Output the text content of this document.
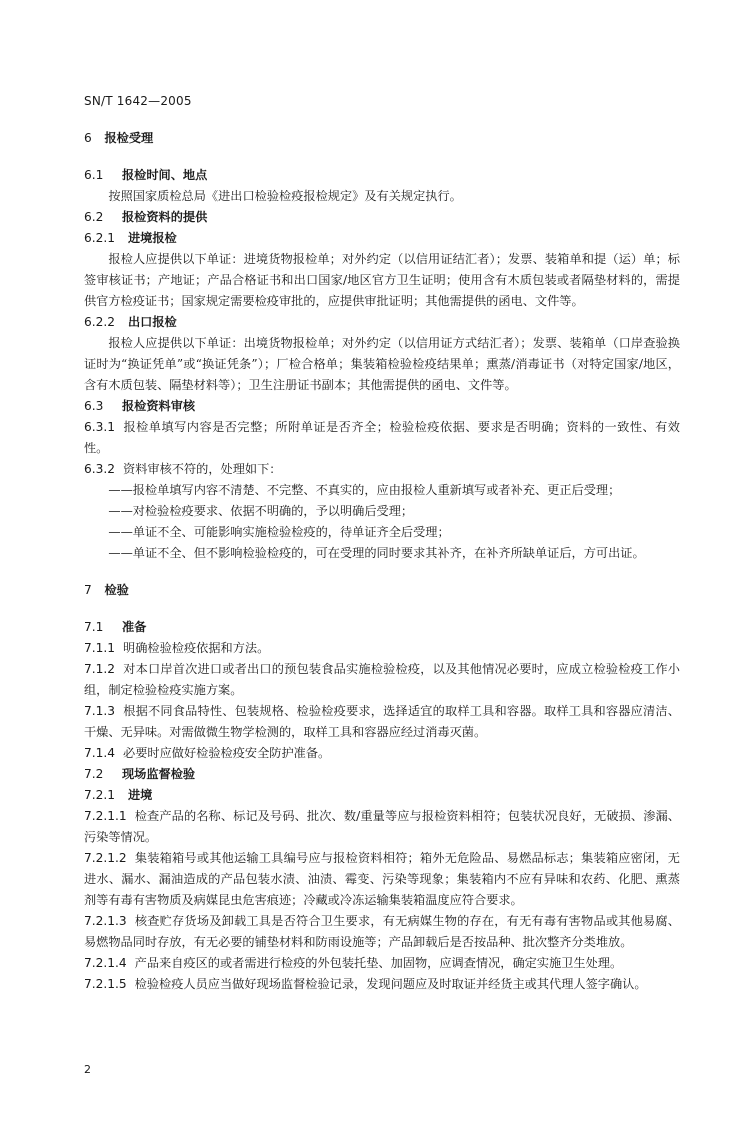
SN/T 1642—2005
6 报检受理
6.1 报检时间、地点
按照国家质检总局《进出口检验检疫报检规定》及有关规定执行。
6.2 报检资料的提供
6.2.1 进境报检
报检人应提供以下单证：进境货物报检单；对外约定（以信用证结汇者）；发票、装箱单和提（运）单；标签审核证书；产地证；产品合格证书和出口国家/地区官方卫生证明；使用含有木质包装或者隔垫材料的，需提供官方检疫证书；国家规定需要检疫审批的，应提供审批证明；其他需提供的函电、文件等。
6.2.2 出口报检
报检人应提供以下单证：出境货物报检单；对外约定（以信用证方式结汇者）；发票、装箱单（口岸查验换证时为“换证凭单”或“换证凭条”）；厂检合格单；集装箱检验检疫结果单；熏蒸/消毒证书（对特定国家/地区，含有木质包装、隔垫材料等）；卫生注册证书副本；其他需提供的函电、文件等。
6.3 报检资料审核
6.3.1 报检单填写内容是否完整；所附单证是否齐全；检验检疫依据、要求是否明确；资料的一致性、有效性。
6.3.2 资料审核不符的，处理如下：
——报检单填写内容不清楚、不完整、不真实的，应由报检人重新填写或者补充、更正后受理；
——对检验检疫要求、依据不明确的，予以明确后受理；
——单证不全、可能影响实施检验检疫的，待单证齐全后受理；
——单证不全、但不影响检验检疫的，可在受理的同时要求其补齐，在补齐所缺单证后，方可出证。
7 检验
7.1 准备
7.1.1 明确检验检疫依据和方法。
7.1.2 对本口岸首次进口或者出口的预包装食品实施检验检疫，以及其他情况必要时，应成立检验检疫工作小组，制定检验检疫实施方案。
7.1.3 根据不同食品特性、包装规格、检验检疫要求，选择适宜的取样工具和容器。取样工具和容器应清洁、干燥、无异味。对需做微生物学检测的，取样工具和容器应经过消毒灭菌。
7.1.4 必要时应做好检验检疫安全防护准备。
7.2 现场监督检验
7.2.1 进境
7.2.1.1 检查产品的名称、标记及号码、批次、数/重量等应与报检资料相符；包装状况良好，无破损、渗漏、污染等情况。
7.2.1.2 集装箱箱号或其他运输工具编号应与报检资料相符；箱外无危险品、易燃品标志；集装箱应密闭，无进水、漏水、漏油造成的产品包装水渍、油渍、霉变、污染等现象；集装箱内不应有异味和农药、化肥、熏蒸剂等有毒有害物质及病媒昆虫危害痕迹；冷藏或冷冻运输集装箱温度应符合要求。
7.2.1.3 核查贮存货场及卸载工具是否符合卫生要求，有无病媒生物的存在，有无有毒有害物品或其他易腐、易燃物品同时存放，有无必要的铺垫材料和防雨设施等；产品卸载后是否按品种、批次整齐分类堆放。
7.2.1.4 产品来自疫区的或者需进行检疫的外包装托垫、加固物，应调查情况，确定实施卫生处理。
7.2.1.5 检验检疫人员应当做好现场监督检验记录，发现问题应及时取证并经货主或其代理人签字确认。
2
